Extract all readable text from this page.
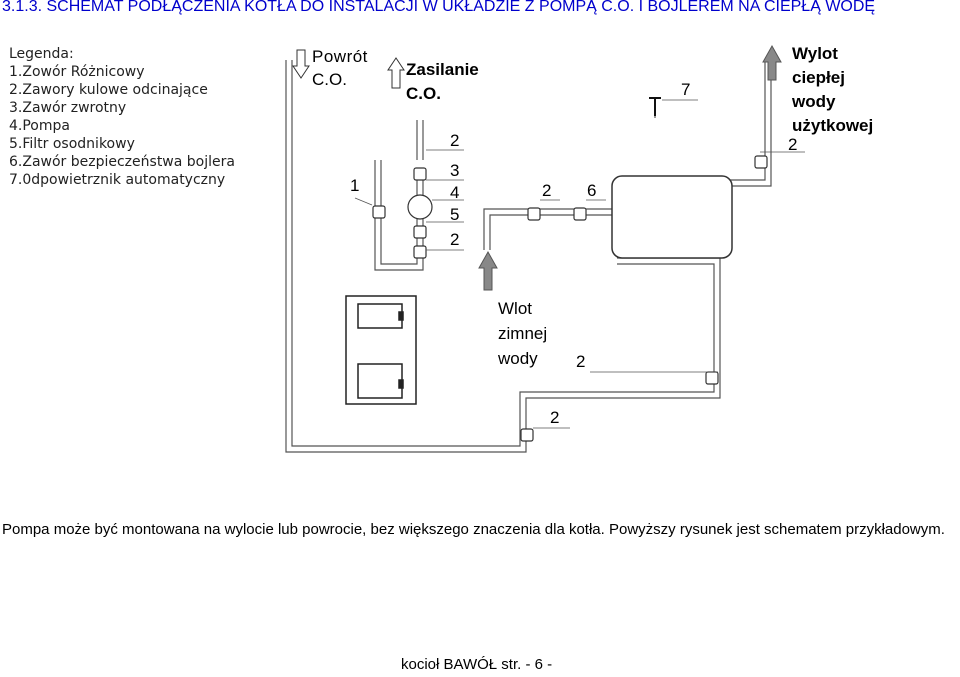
3.1.3. SCHEMAT PODŁĄCZENIA KOTŁA DO INSTALACJI W UKŁADZIE Z POMPĄ C.O. I BOJLEREM NA CIEPŁĄ WODĘ
Legenda:
1.Zowór Różnicowy
2.Zawory kulowe odcinające
3.Zawór zwrotny
4.Pompa
5.Filtr osodnikowy
6.Zawór bezpieczeństwa bojlera
7.0dpowietrznik automatyczny
Powrót
C.O.
Zasilanie
C.O.
Wylot
ciepłej
wody
użytkowej
Wlot
zimnej
wody
1
2
3
4
5
2
2 6
7
2
2
2
Pompa może być montowana na wylocie lub powrocie, bez większego znaczenia dla kotła. Powyższy rysunek jest schematem przykładowym.
kocioł BAWÓŁ str. - 6 -
